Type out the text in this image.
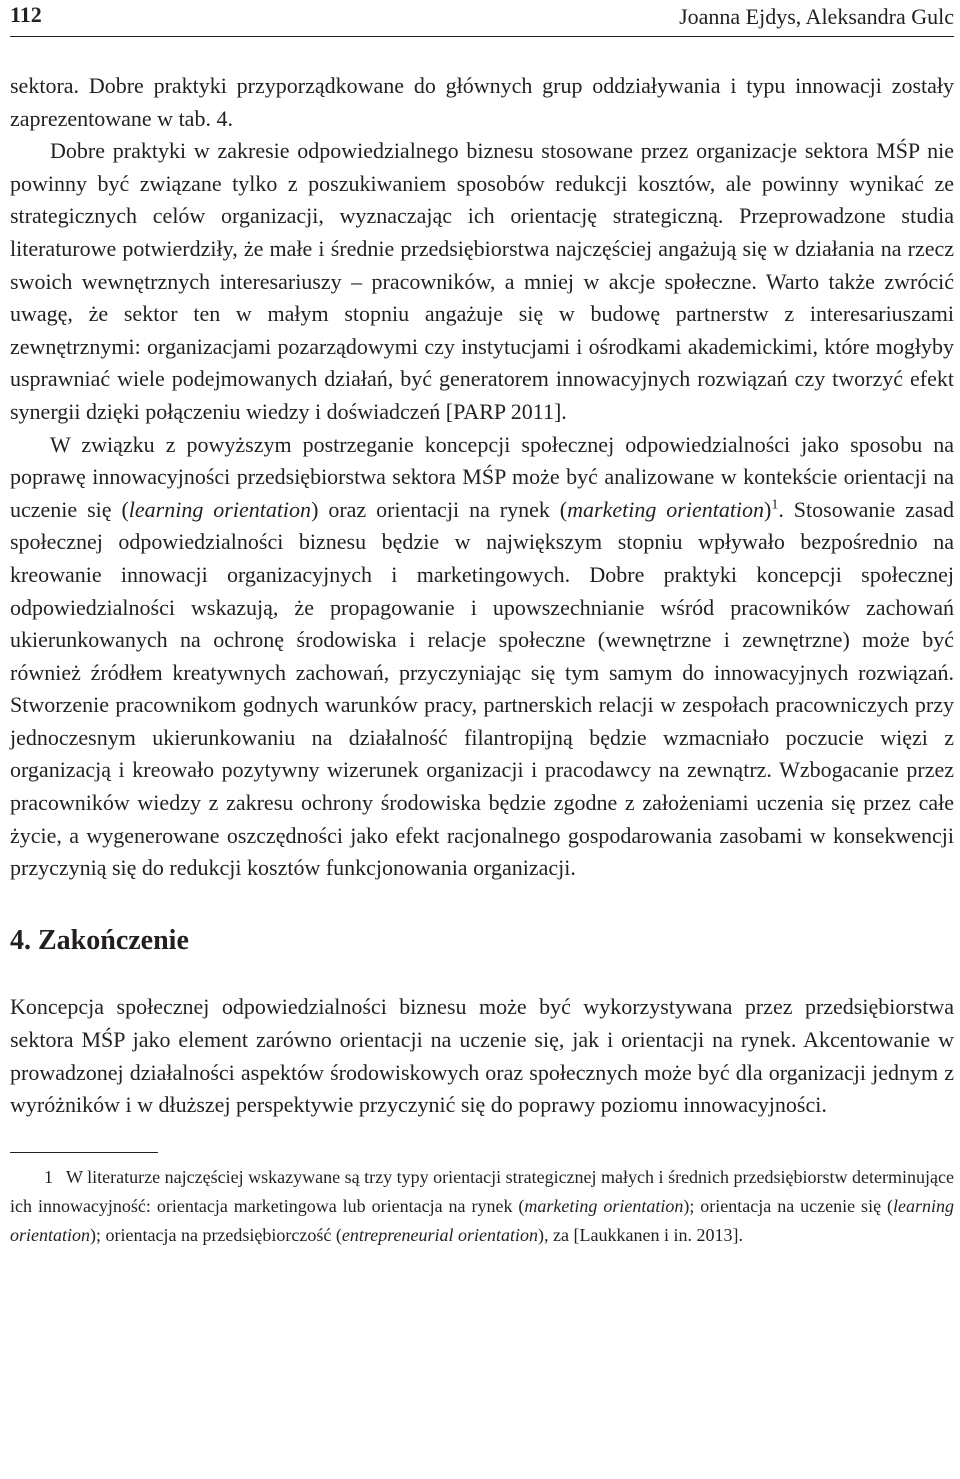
112	Joanna Ejdys, Aleksandra Gulc

sektora. Dobre praktyki przyporządkowane do głównych grup oddziaływania i typu innowacji zostały zaprezentowane w tab. 4.

Dobre praktyki w zakresie odpowiedzialnego biznesu stosowane przez organizacje sektora MŚP nie powinny być związane tylko z poszukiwaniem sposobów redukcji kosztów, ale powinny wynikać ze strategicznych celów organizacji, wyznaczając ich orientację strategiczną. Przeprowadzone studia literaturowe potwierdziły, że małe i średnie przedsiębiorstwa najczęściej angażują się w działania na rzecz swoich wewnętrznych interesariuszy – pracowników, a mniej w akcje społeczne. Warto także zwrócić uwagę, że sektor ten w małym stopniu angażuje się w budowę partnerstw z interesariuszami zewnętrznymi: organizacjami pozarządowymi czy instytucjami i ośrodkami akademickimi, które mogłyby usprawniać wiele podejmowanych działań, być generatorem innowacyjnych rozwiązań czy tworzyć efekt synergii dzięki połączeniu wiedzy i doświadczeń [PARP 2011].

W związku z powyższym postrzeganie koncepcji społecznej odpowiedzialności jako sposobu na poprawę innowacyjności przedsiębiorstwa sektora MŚP może być analizowane w kontekście orientacji na uczenie się (learning orientation) oraz orientacji na rynek (marketing orientation)$^1$. Stosowanie zasad społecznej odpowiedzialności biznesu będzie w największym stopniu wpływało bezpośrednio na kreowanie innowacji organizacyjnych i marketingowych. Dobre praktyki koncepcji społecznej odpowiedzialności wskazują, że propagowanie i upowszechnianie wśród pracowników zachowań ukierunkowanych na ochronę środowiska i relacje społeczne (wewnętrzne i zewnętrzne) może być również źródłem kreatywnych zachowań, przyczyniając się tym samym do innowacyjnych rozwiązań. Stworzenie pracownikom godnych warunków pracy, partnerskich relacji w zespołach pracowniczych przy jednoczesnym ukierunkowaniu na działalność filantropijną będzie wzmacniało poczucie więzi z organizacją i kreowało pozytywny wizerunek organizacji i pracodawcy na zewnątrz. Wzbogacanie przez pracowników wiedzy z zakresu ochrony środowiska będzie zgodne z założeniami uczenia się przez całe życie, a wygenerowane oszczędności jako efekt racjonalnego gospodarowania zasobami w konsekwencji przyczynią się do redukcji kosztów funkcjonowania organizacji.

4. Zakończenie

Koncepcja społecznej odpowiedzialności biznesu może być wykorzystywana przez przedsiębiorstwa sektora MŚP jako element zarówno orientacji na uczenie się, jak i orientacji na rynek. Akcentowanie w prowadzonej działalności aspektów środowiskowych oraz społecznych może być dla organizacji jednym z wyróżników i w dłuższej perspektywie przyczynić się do poprawy poziomu innowacyjności.

1 W literaturze najczęściej wskazywane są trzy typy orientacji strategicznej małych i średnich przedsiębiorstw determinujące ich innowacyjność: orientacja marketingowa lub orientacja na rynek (marketing orientation); orientacja na uczenie się (learning orientation); orientacja na przedsiębiorczość (entrepreneurial orientation), za [Laukkanen i in. 2013].
